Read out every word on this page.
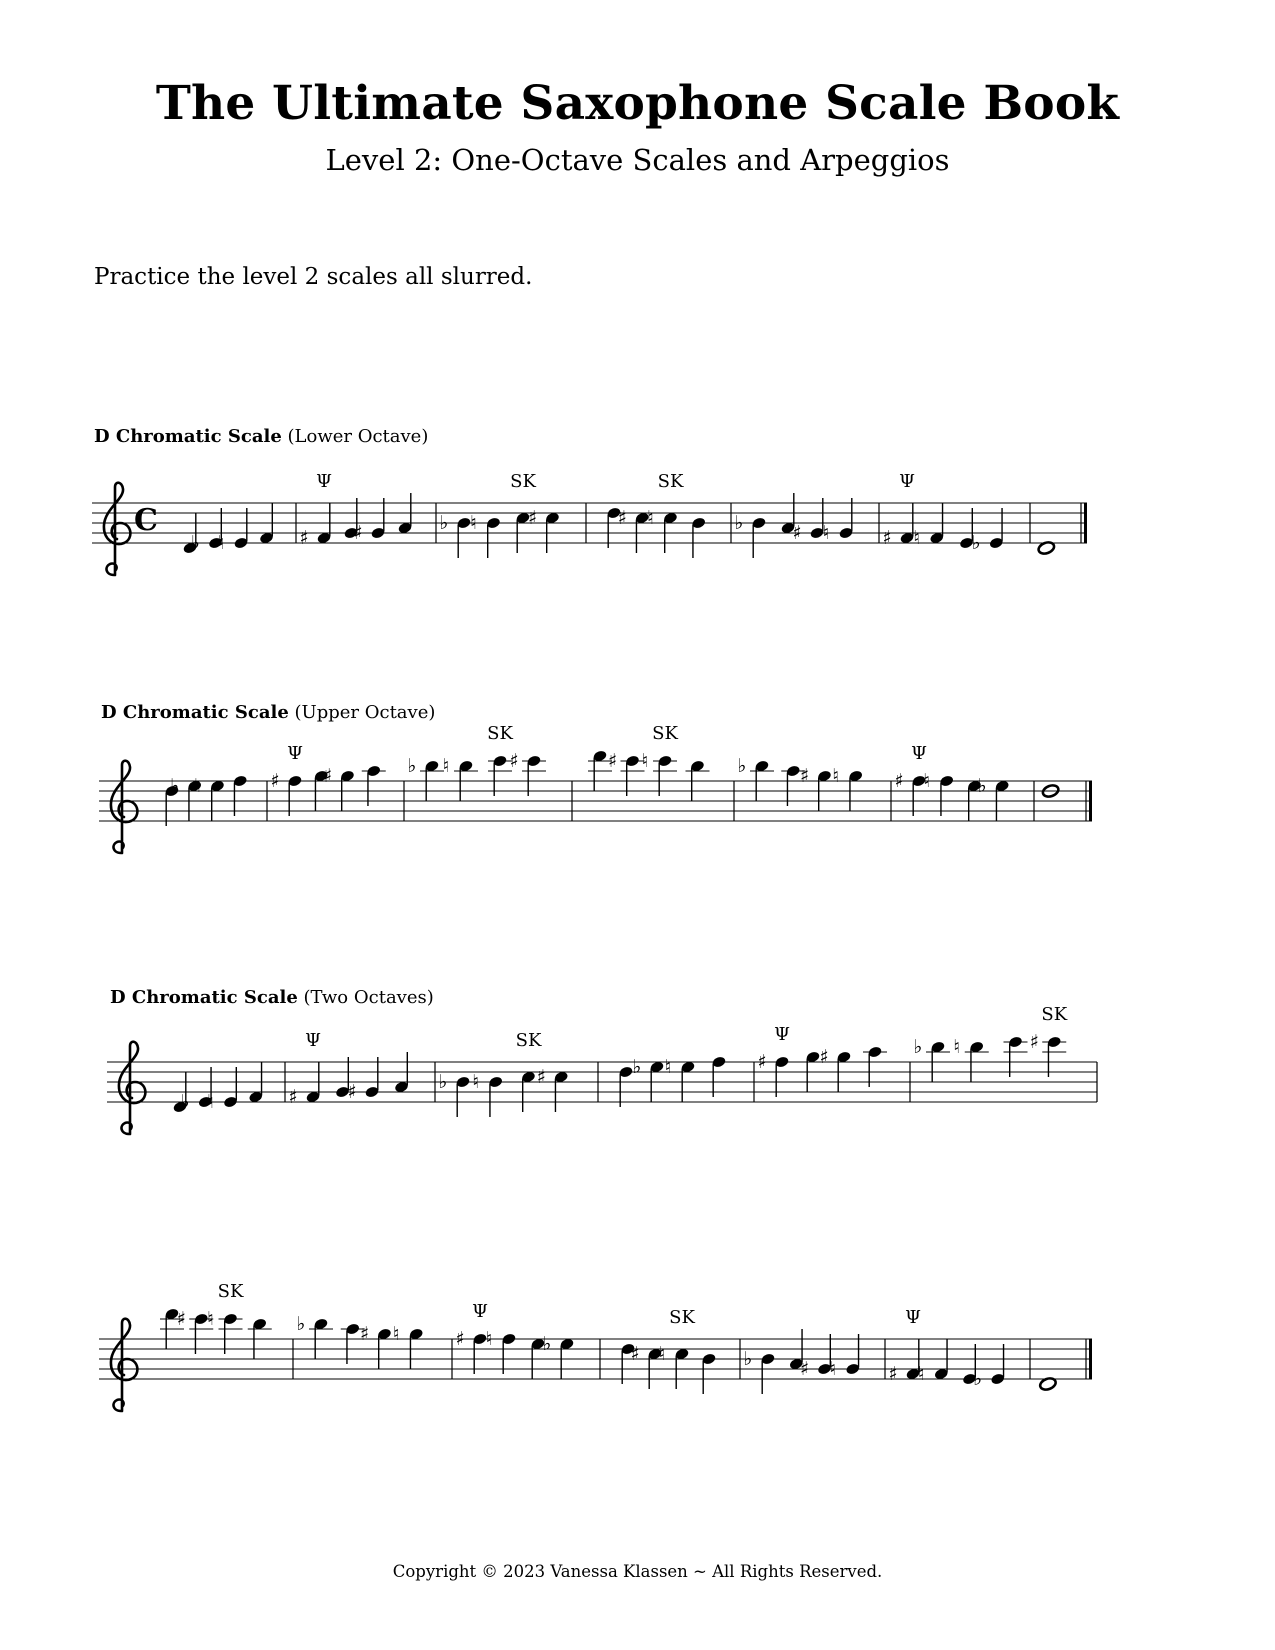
The Ultimate Saxophone Scale Book
Level 2: One-Octave Scales and Arpeggios
Practice the level 2 scales all slurred.
D Chromatic Scale (Lower Octave)
D Chromatic Scale (Upper Octave)
D Chromatic Scale (Two Octaves)
C
♭ ♮	♯ ♯
Ψ
♭ ♮	♯
SK
♯ ♮
SK
♭	♯ ♮	♯ ♮	♭
Ψ
♭ ♮	♯ ♯
Ψ
♭ ♮	♯
SK
♯ ♮
SK
♭	♯ ♮	♯ ♮	♭
Ψ
♭ ♮	♯	♯
Ψ
♭ ♮	♯
SK
♭ ♮	♯	♯
Ψ
♭ ♮	♯
SK
♯ ♮
SK
♭	♯ ♮	♯ ♮	♭
Ψ
♯ ♮
SK
♭ ♯ ♮	♯ ♮	♭
Ψ
Copyright © 2023 Vanessa Klassen ~ All Rights Reserved.
